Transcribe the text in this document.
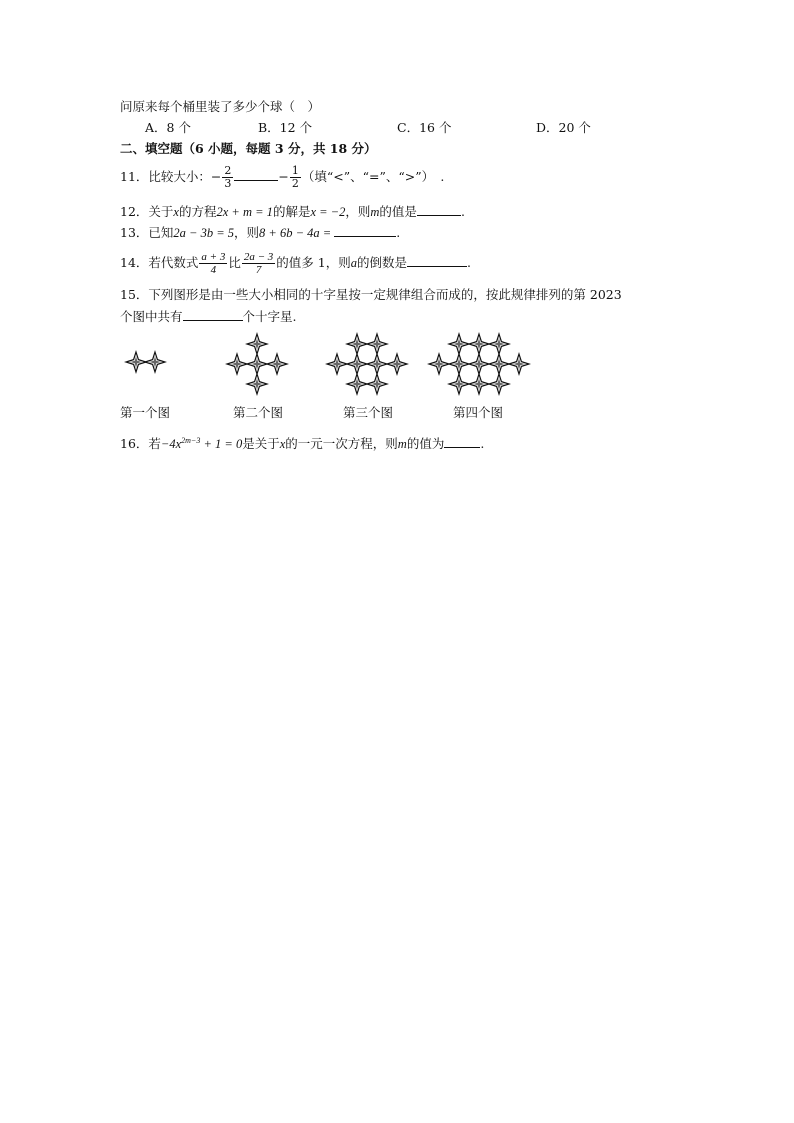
问原来每个桶里装了多少个球（　）
A．8 个	B．12 个	C．16 个	D．20 个
二、填空题（6 小题，每题 3 分，共 18 分）
11．比较大小：− $\frac{2}{3}$	− $\frac{1}{2}$ （填“<”、“=”、“>”）　.
12．关于x的方程2x + m = 1的解是x = −2，则m的值是	.
13．已知2a − 3b = 5，则8 + 6b − 4a =	.
14．若代数式 $\frac{a + 3}{4}$ 比 $\frac{2a - 3}{7}$ 的值多 1，则a的倒数是	.
15．下列图形是由一些大小相同的十字星按一定规律组合而成的，按此规律排列的第 2023
个图中共有	个十字星.
第一个图	第二个图	第三个图	第四个图
16．若$-4x^{2m-3} + 1 = 0$是关于x的一元一次方程，则m的值为	.
